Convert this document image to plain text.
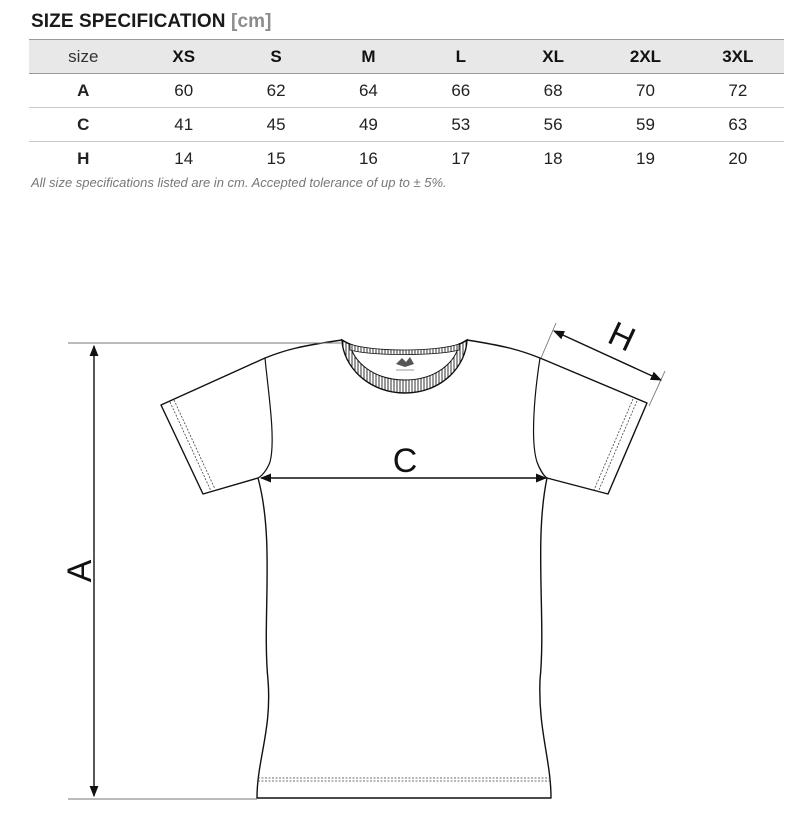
SIZE SPECIFICATION [cm]
size	XS	S	M	L	XL	2XL	3XL
A	60	62	64	66	68	70	72
C	41	45	49	53	56	59	63
H	14	15	16	17	18	19	20
All size specifications listed are in cm. Accepted tolerance of up to ± 5%.
A
C
H
